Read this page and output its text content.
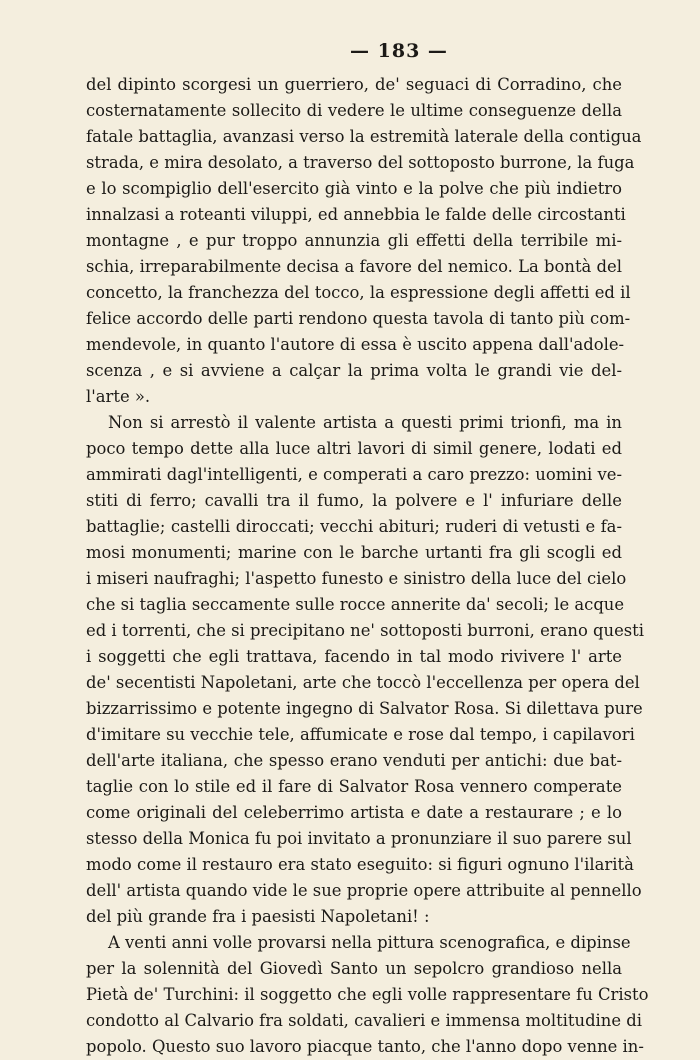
— 183 —
del dipinto scorgesi un guerriero, de' seguaci di Corradino, che
costernatamente sollecito di vedere le ultime conseguenze della
fatale battaglia, avanzasi verso la estremità laterale della contigua
strada, e mira desolato, a traverso del sottoposto burrone, la fuga
e lo scompiglio dell'esercito già vinto e la polve che più indietro
innalzasi a roteanti viluppi, ed annebbia le falde delle circostanti
montagne , e pur troppo annunzia gli effetti della terribile mi-
schia, irreparabilmente decisa a favore del nemico. La bontà del
concetto, la franchezza del tocco, la espressione degli affetti ed il
felice accordo delle parti rendono questa tavola di tanto più com-
mendevole, in quanto l'autore di essa è uscito appena dall'adole-
scenza , e si avviene a calçar la prima volta le grandi vie del-
l'arte ».
Non si arrestò il valente artista a questi primi trionfi, ma in
poco tempo dette alla luce altri lavori di simil genere, lodati ed
ammirati dagl'intelligenti, e comperati a caro prezzo: uomini ve-
stiti di ferro; cavalli tra il fumo, la polvere e l' infuriare delle
battaglie; castelli diroccati; vecchi abituri; ruderi di vetusti e fa-
mosi monumenti; marine con le barche urtanti fra gli scogli ed
i miseri naufraghi; l'aspetto funesto e sinistro della luce del cielo
che si taglia seccamente sulle rocce annerite da' secoli; le acque
ed i torrenti, che si precipitano ne' sottoposti burroni, erano questi
i soggetti che egli trattava, facendo in tal modo rivivere l' arte
de' secentisti Napoletani, arte che toccò l'eccellenza per opera del
bizzarrissimo e potente ingegno di Salvator Rosa. Si dilettava pure
d'imitare su vecchie tele, affumicate e rose dal tempo, i capilavori
dell'arte italiana, che spesso erano venduti per antichi: due bat-
taglie con lo stile ed il fare di Salvator Rosa vennero comperate
come originali del celeberrimo artista e date a restaurare ; e lo
stesso della Monica fu poi invitato a pronunziare il suo parere sul
modo come il restauro era stato eseguito: si figuri ognuno l'ilarità
dell' artista quando vide le sue proprie opere attribuite al pennello
del più grande fra i paesisti Napoletani! :
A venti anni volle provarsi nella pittura scenografica, e dipinse
per la solennità del Giovedì Santo un sepolcro grandioso nella
Pietà de' Turchini: il soggetto che egli volle rappresentare fu Cristo
condotto al Calvario fra soldati, cavalieri e immensa moltitudine di
popolo. Questo suo lavoro piacque tanto, che l'anno dopo venne in-
